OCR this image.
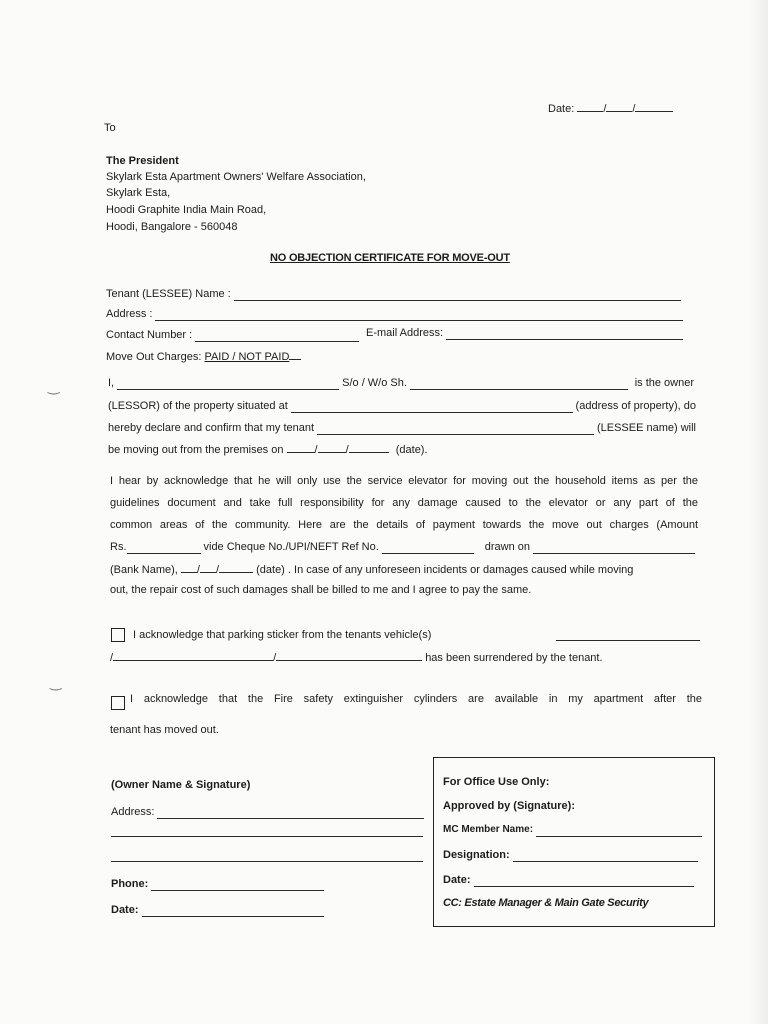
Date:	/ /
To
The President
Skylark Esta Apartment Owners' Welfare Association,
Skylark Esta,
Hoodi Graphite India Main Road,
Hoodi, Bangalore - 560048
NO OBJECTION CERTIFICATE FOR MOVE-OUT
Tenant (LESSEE) Name :
Address :
Contact Number :	E-mail Address:
Move Out Charges: PAID / NOT PAID
I,	S/o / W/o Sh.	is the owner
(LESSOR) of the property situated at	(address of property), do
hereby declare and confirm that my tenant	(LESSEE name) will
be moving out from the premises on	/	/	(date).
I hear by acknowledge that he will only use the service elevator for moving out the household items as per the
guidelines document and take full responsibility for any damage caused to the elevator or any part of the
common areas of the community. Here are the details of payment towards the move out charges (Amount
Rs.	vide Cheque No./UPI/NEFT Ref No.	drawn on
(Bank Name), / /	(date) . In case of any unforeseen incidents or damages caused while moving
out, the repair cost of such damages shall be billed to me and I agree to pay the same.
I acknowledge that parking sticker from the tenants vehicle(s)
/	/	has been surrendered by the tenant.
I acknowledge that the Fire safety extinguisher cylinders are available in my apartment after the
tenant has moved out.
(Owner Name & Signature)
Address:
Phone:
Date:
For Office Use Only:
Approved by (Signature):
MC Member Name:
Designation:
Date:
CC: Estate Manager & Main Gate Security
‿
‿
